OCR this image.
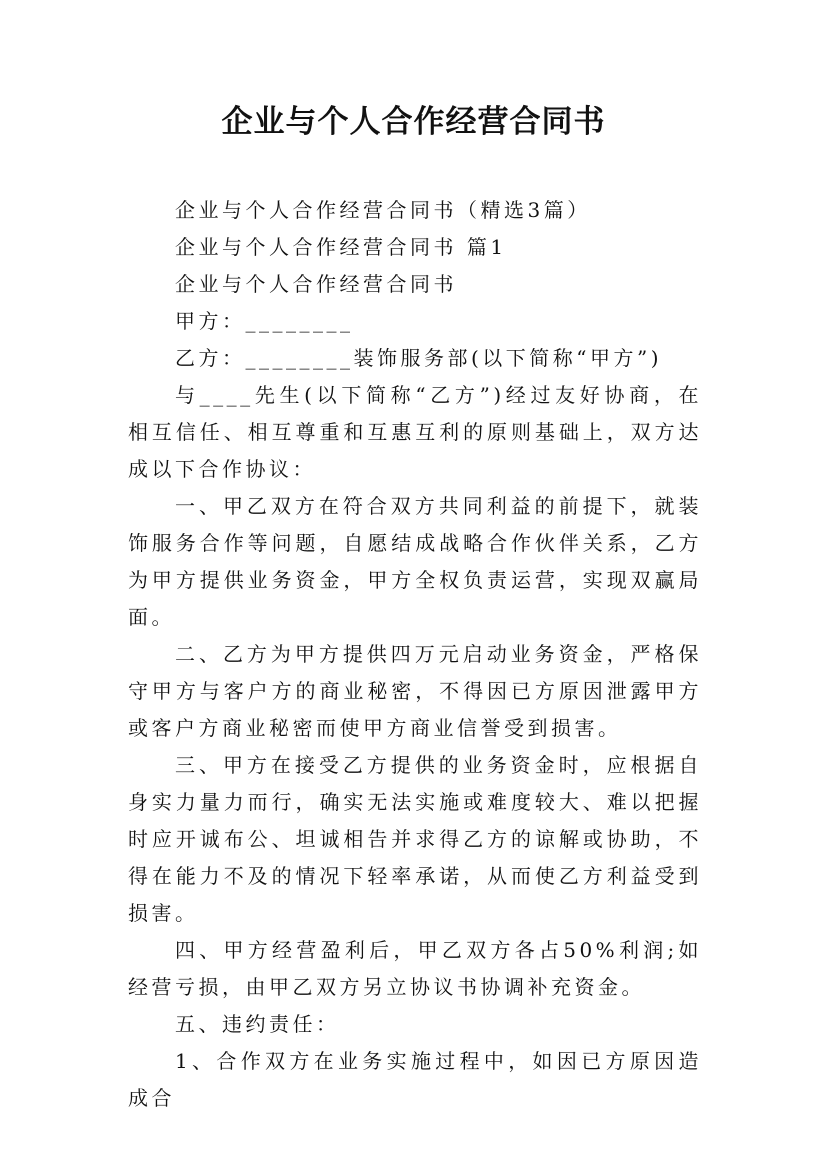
企业与个人合作经营合同书

企业与个人合作经营合同书（精选3篇）

企业与个人合作经营合同书 篇1

企业与个人合作经营合同书

甲方：________

乙方：________装饰服务部(以下简称“甲方”)

与____先生(以下简称“乙方”)经过友好协商，在相互信任、相互尊重和互惠互利的原则基础上，双方达成以下合作协议：

一、甲乙双方在符合双方共同利益的前提下，就装饰服务合作等问题，自愿结成战略合作伙伴关系，乙方为甲方提供业务资金，甲方全权负责运营，实现双赢局面。

二、乙方为甲方提供四万元启动业务资金，严格保守甲方与客户方的商业秘密，不得因已方原因泄露甲方或客户方商业秘密而使甲方商业信誉受到损害。

三、甲方在接受乙方提供的业务资金时，应根据自身实力量力而行，确实无法实施或难度较大、难以把握时应开诚布公、坦诚相告并求得乙方的谅解或协助，不得在能力不及的情况下轻率承诺，从而使乙方利益受到损害。

四、甲方经营盈利后，甲乙双方各占50%利润;如经营亏损，由甲乙双方另立协议书协调补充资金。

五、违约责任：

1、合作双方在业务实施过程中，如因已方原因造成合
